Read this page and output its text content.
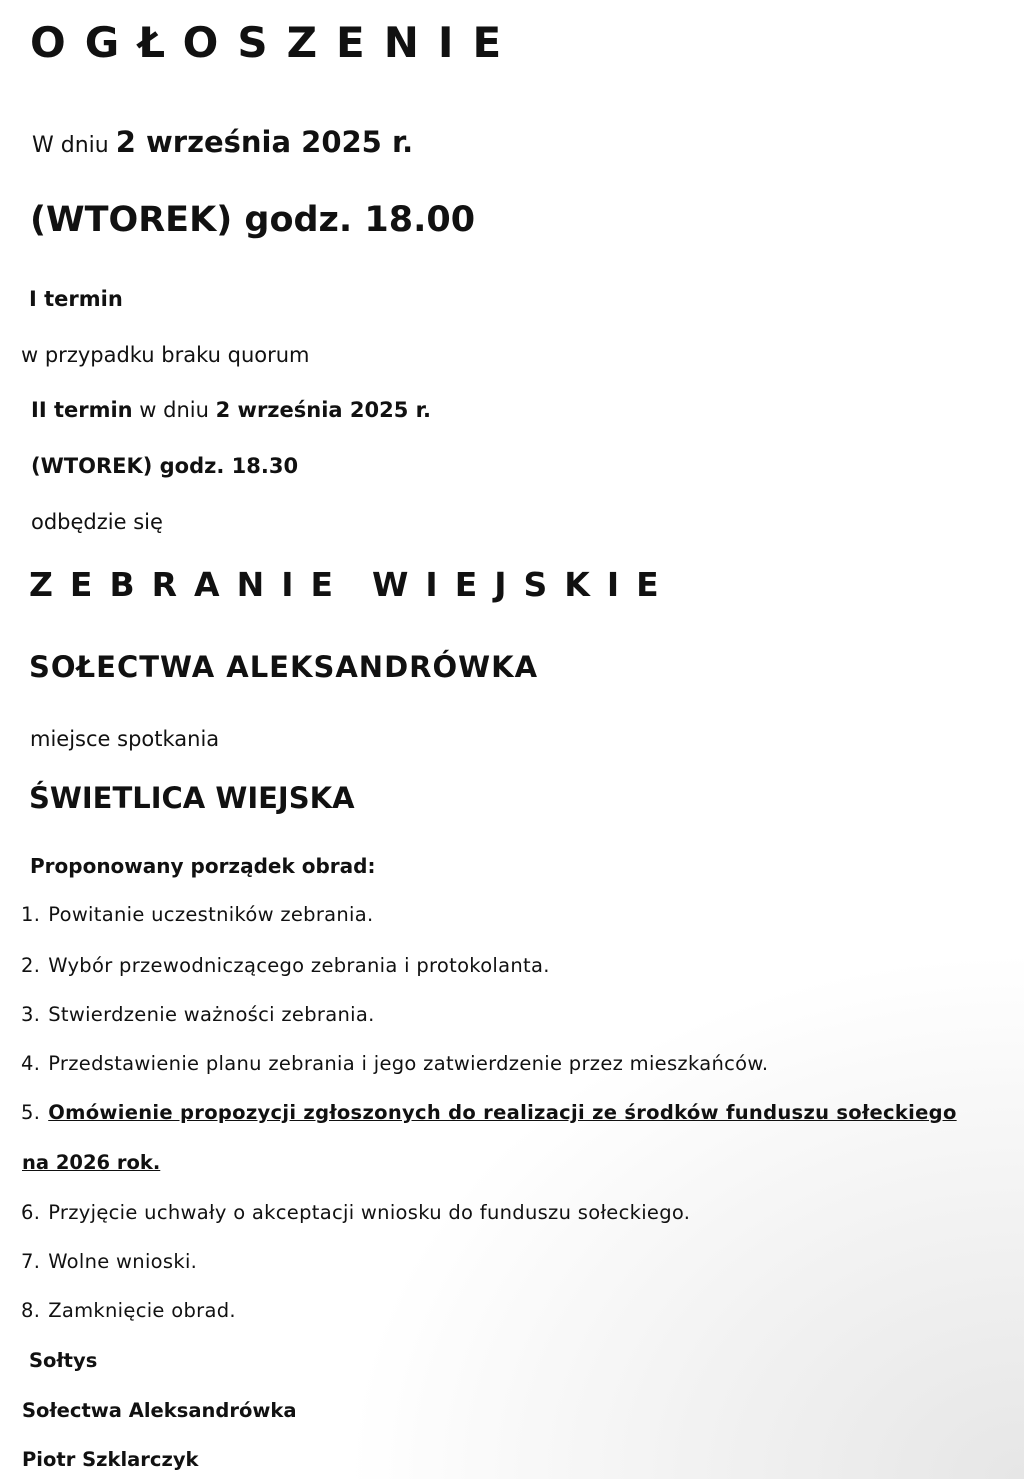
OGŁOSZENIE
W dniu 2 września 2025 r.
(WTOREK) godz. 18.00
I termin
w przypadku braku quorum
II termin w dniu 2 września 2025 r.
(WTOREK) godz. 18.30
odbędzie się
ZEBRANIE WIEJSKIE
SOŁECTWA ALEKSANDRÓWKA
miejsce spotkania
ŚWIETLICA WIEJSKA
Proponowany porządek obrad:
1. Powitanie uczestników zebrania.
2. Wybór przewodniczącego zebrania i protokolanta.
3. Stwierdzenie ważności zebrania.
4. Przedstawienie planu zebrania i jego zatwierdzenie przez mieszkańców.
5. Omówienie propozycji zgłoszonych do realizacji ze środków funduszu sołeckiego
na 2026 rok.
6. Przyjęcie uchwały o akceptacji wniosku do funduszu sołeckiego.
7. Wolne wnioski.
8. Zamknięcie obrad.
Sołtys
Sołectwa Aleksandrówka
Piotr Szklarczyk
